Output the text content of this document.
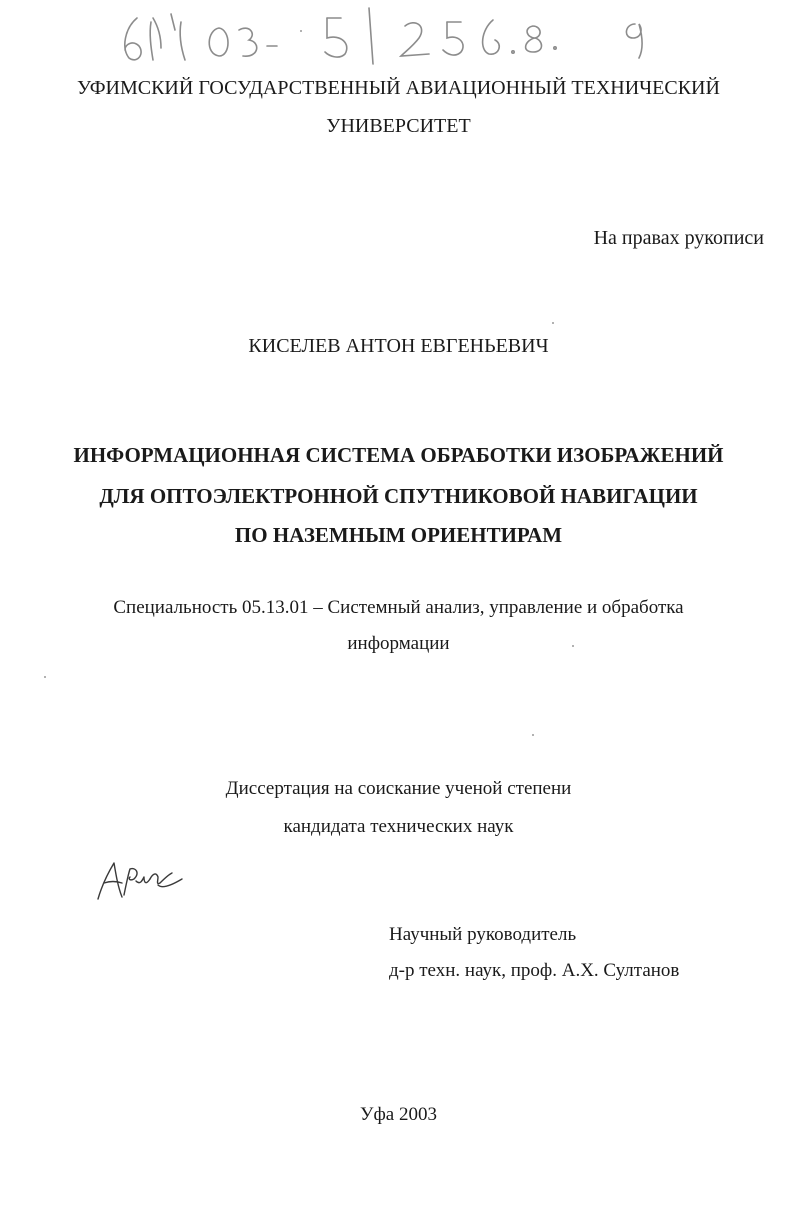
УФИМСКИЙ ГОСУДАРСТВЕННЫЙ АВИАЦИОННЫЙ ТЕХНИЧЕСКИЙ
УНИВЕРСИТЕТ
На правах рукописи
КИСЕЛЕВ АНТОН ЕВГЕНЬЕВИЧ
ИНФОРМАЦИОННАЯ СИСТЕМА ОБРАБОТКИ ИЗОБРАЖЕНИЙ
ДЛЯ ОПТОЭЛЕКТРОННОЙ СПУТНИКОВОЙ НАВИГАЦИИ
ПО НАЗЕМНЫМ ОРИЕНТИРАМ
Специальность 05.13.01 – Системный анализ, управление и обработка
информации
Диссертация на соискание ученой степени
кандидата технических наук
Научный руководитель
д-р техн. наук, проф. А.Х. Султанов
Уфа 2003
